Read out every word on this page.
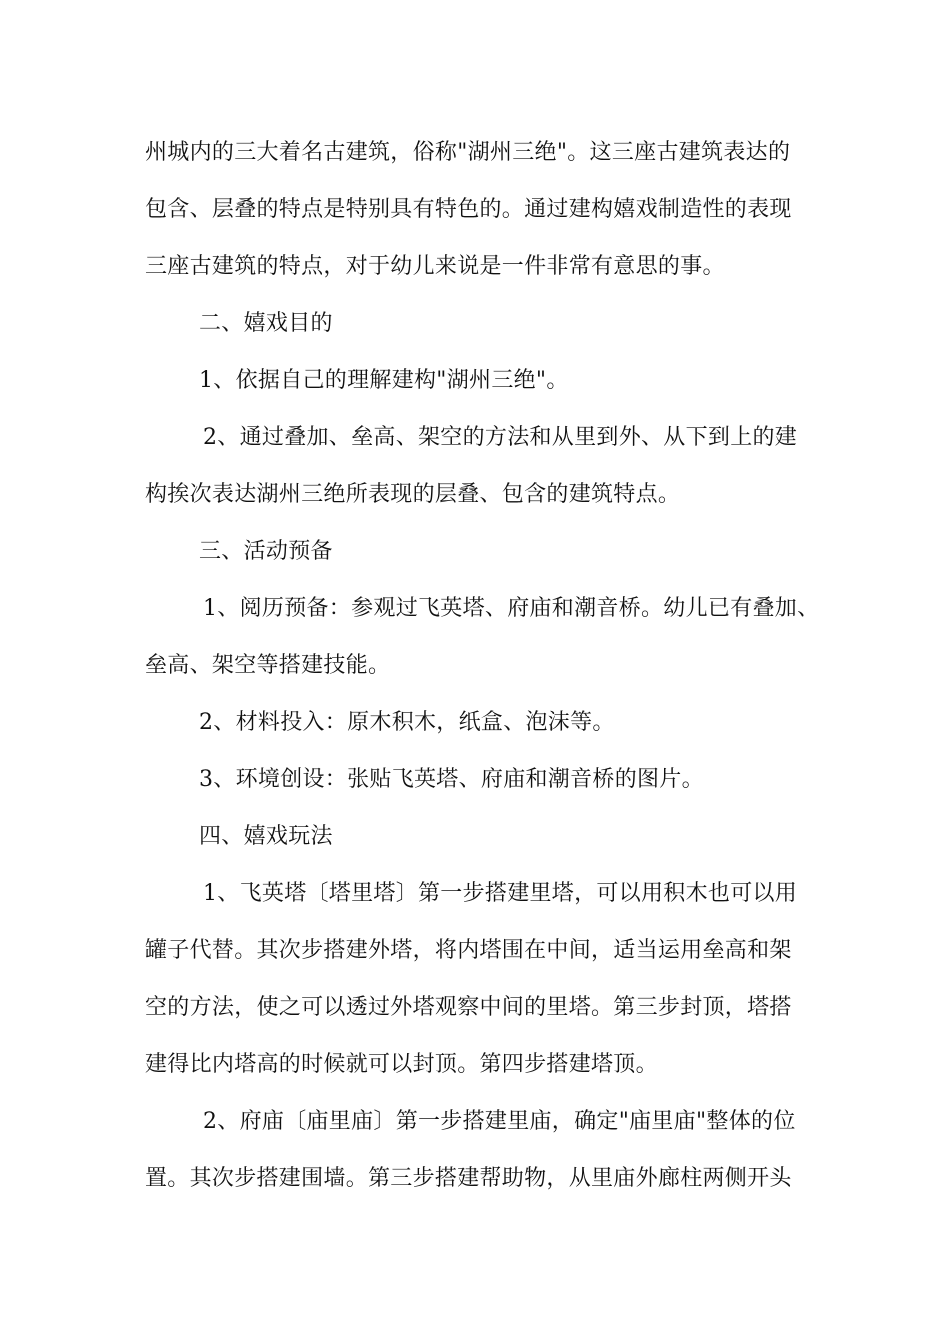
州城内的三大着名古建筑，俗称"湖州三绝"。这三座古建筑表达的
包含、层叠的特点是特别具有特色的。通过建构嬉戏制造性的表现
三座古建筑的特点，对于幼儿来说是一件非常有意思的事。
二、嬉戏目的
1、依据自己的理解建构"湖州三绝"。
2、通过叠加、垒高、架空的方法和从里到外、从下到上的建
构挨次表达湖州三绝所表现的层叠、包含的建筑特点。
三、活动预备
1、阅历预备：参观过飞英塔、府庙和潮音桥。幼儿已有叠加、
垒高、架空等搭建技能。
2、材料投入：原木积木，纸盒、泡沫等。
3、环境创设：张贴飞英塔、府庙和潮音桥的图片。
四、嬉戏玩法
1、飞英塔〔塔里塔〕第一步搭建里塔，可以用积木也可以用
罐子代替。其次步搭建外塔，将内塔围在中间，适当运用垒高和架
空的方法，使之可以透过外塔观察中间的里塔。第三步封顶，塔搭
建得比内塔高的时候就可以封顶。第四步搭建塔顶。
2、府庙〔庙里庙〕第一步搭建里庙，确定"庙里庙"整体的位
置。其次步搭建围墙。第三步搭建帮助物，从里庙外廊柱两侧开头
